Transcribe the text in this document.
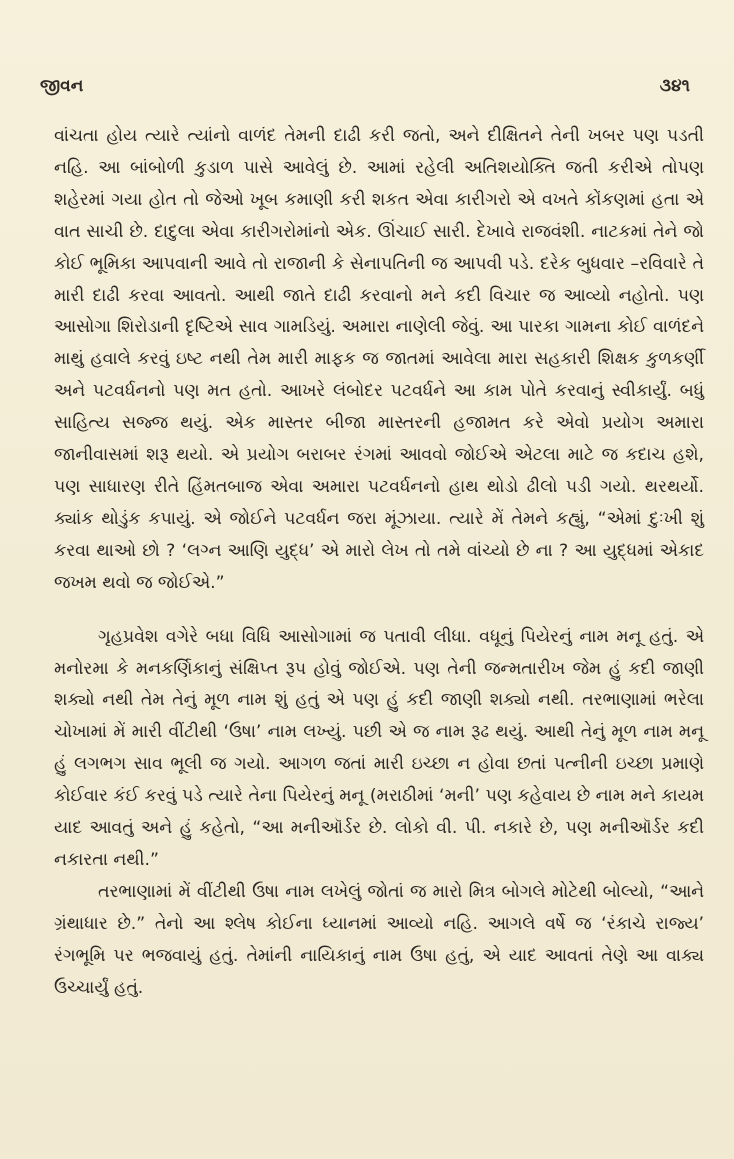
જીવન	૩૪૧

વાંચતા હોય ત્યારે ત્યાંનો વાળંદ તેમની દાઢી કરી જતો, અને દીક્ષિતને તેની ખબર પણ પડતી નહિ. આ બાંબોળી કુડાળ પાસે આવેલું છે. આમાં રહેલી અતિશયોક્તિ જતી કરીએ તોપણ શહેરમાં ગયા હોત તો જેઓ ખૂબ કમાણી કરી શકત એવા કારીગરો એ વખતે કોંકણમાં હતા એ વાત સાચી છે. દાદુલા એવા કારીગરોમાંનો એક. ઊંચાઈ સારી. દેખાવે રાજવંશી. નાટકમાં તેને જો કોઈ ભૂમિકા આપવાની આવે તો રાજાની કે સેનાપતિની જ આપવી પડે. દરેક બુધવાર –રવિવારે તે મારી દાઢી કરવા આવતો. આથી જાતે દાઢી કરવાનો મને કદી વિચાર જ આવ્યો નહોતો. પણ આસોગા શિરોડાની દૃષ્ટિએ સાવ ગામડિયું. અમારા નાણેલી જેવું. આ પારકા ગામના કોઈ વાળંદને માથું હવાલે કરવું ઇષ્ટ નથી તેમ મારી માફક જ જાતમાં આવેલા મારા સહકારી શિક્ષક કુળકર્ણી અને પટવર્ધનનો પણ મત હતો. આખરે લંબોદર પટવર્ધને આ કામ પોતે કરવાનું સ્વીકાર્યું. બધું સાહિત્ય સજ્જ થયું. એક માસ્તર બીજા માસ્તરની હજામત કરે એવો પ્રયોગ અમારા જાનીવાસમાં શરૂ થયો. એ પ્રયોગ બરાબર રંગમાં આવવો જોઈએ એટલા માટે જ કદાચ હશે, પણ સાધારણ રીતે હિંમતબાજ એવા અમારા પટવર્ધનનો હાથ થોડો ઢીલો પડી ગયો. થરથર્યો. ક્યાંક થોડુંક કપાયું. એ જોઈને પટવર્ધન જરા મૂંઝાયા. ત્યારે મેં તેમને કહ્યું, “એમાં દુઃખી શું કરવા થાઓ છો ? ‘લગ્ન આણિ યુદ્ધ’ એ મારો લેખ તો તમે વાંચ્યો છે ના ? આ યુદ્ધમાં એકાદ જખમ થવો જ જોઈએ.”

ગૃહપ્રવેશ વગેરે બધા વિધિ આસોગામાં જ પતાવી લીધા. વધૂનું પિયેરનું નામ મનૂ હતું. એ મનોરમા કે મનકર્ણિકાનું સંક્ષિપ્ત રૂપ હોવું જોઈએ. પણ તેની જન્મતારીખ જેમ હું કદી જાણી શક્યો નથી તેમ તેનું મૂળ નામ શું હતું એ પણ હું કદી જાણી શક્યો નથી. તરભાણામાં ભરેલા ચોખામાં મેં મારી વીંટીથી ‘ઉષા’ નામ લખ્યું. પછી એ જ નામ રૂઢ થયું. આથી તેનું મૂળ નામ મનૂ હું લગભગ સાવ ભૂલી જ ગયો. આગળ જતાં મારી ઇચ્છા ન હોવા છતાં પત્નીની ઇચ્છા પ્રમાણે કોઈવાર કંઈ કરવું પડે ત્યારે તેના પિયેરનું મનૂ (મરાઠીમાં ‘મની’ પણ કહેવાય છે નામ મને કાયમ યાદ આવતું અને હું કહેતો, “આ મનીઑર્ડર છે. લોકો વી. પી. નકારે છે, પણ મનીઑર્ડર કદી નકારતા નથી.”

તરભાણામાં મેં વીંટીથી ઉષા નામ લખેલું જોતાં જ મારો મિત્ર બોગલે મોટેથી બોલ્યો, “આને ગ્રંથાધાર છે.” તેનો આ શ્લેષ કોઈના ધ્યાનમાં આવ્યો નહિ. આગલે વર્ષે જ ‘રંકાચે રાજ્ય’ રંગભૂમિ પર ભજવાયું હતું. તેમાંની નાયિકાનું નામ ઉષા હતું, એ યાદ આવતાં તેણે આ વાક્ય ઉચ્ચાર્યું હતું.
